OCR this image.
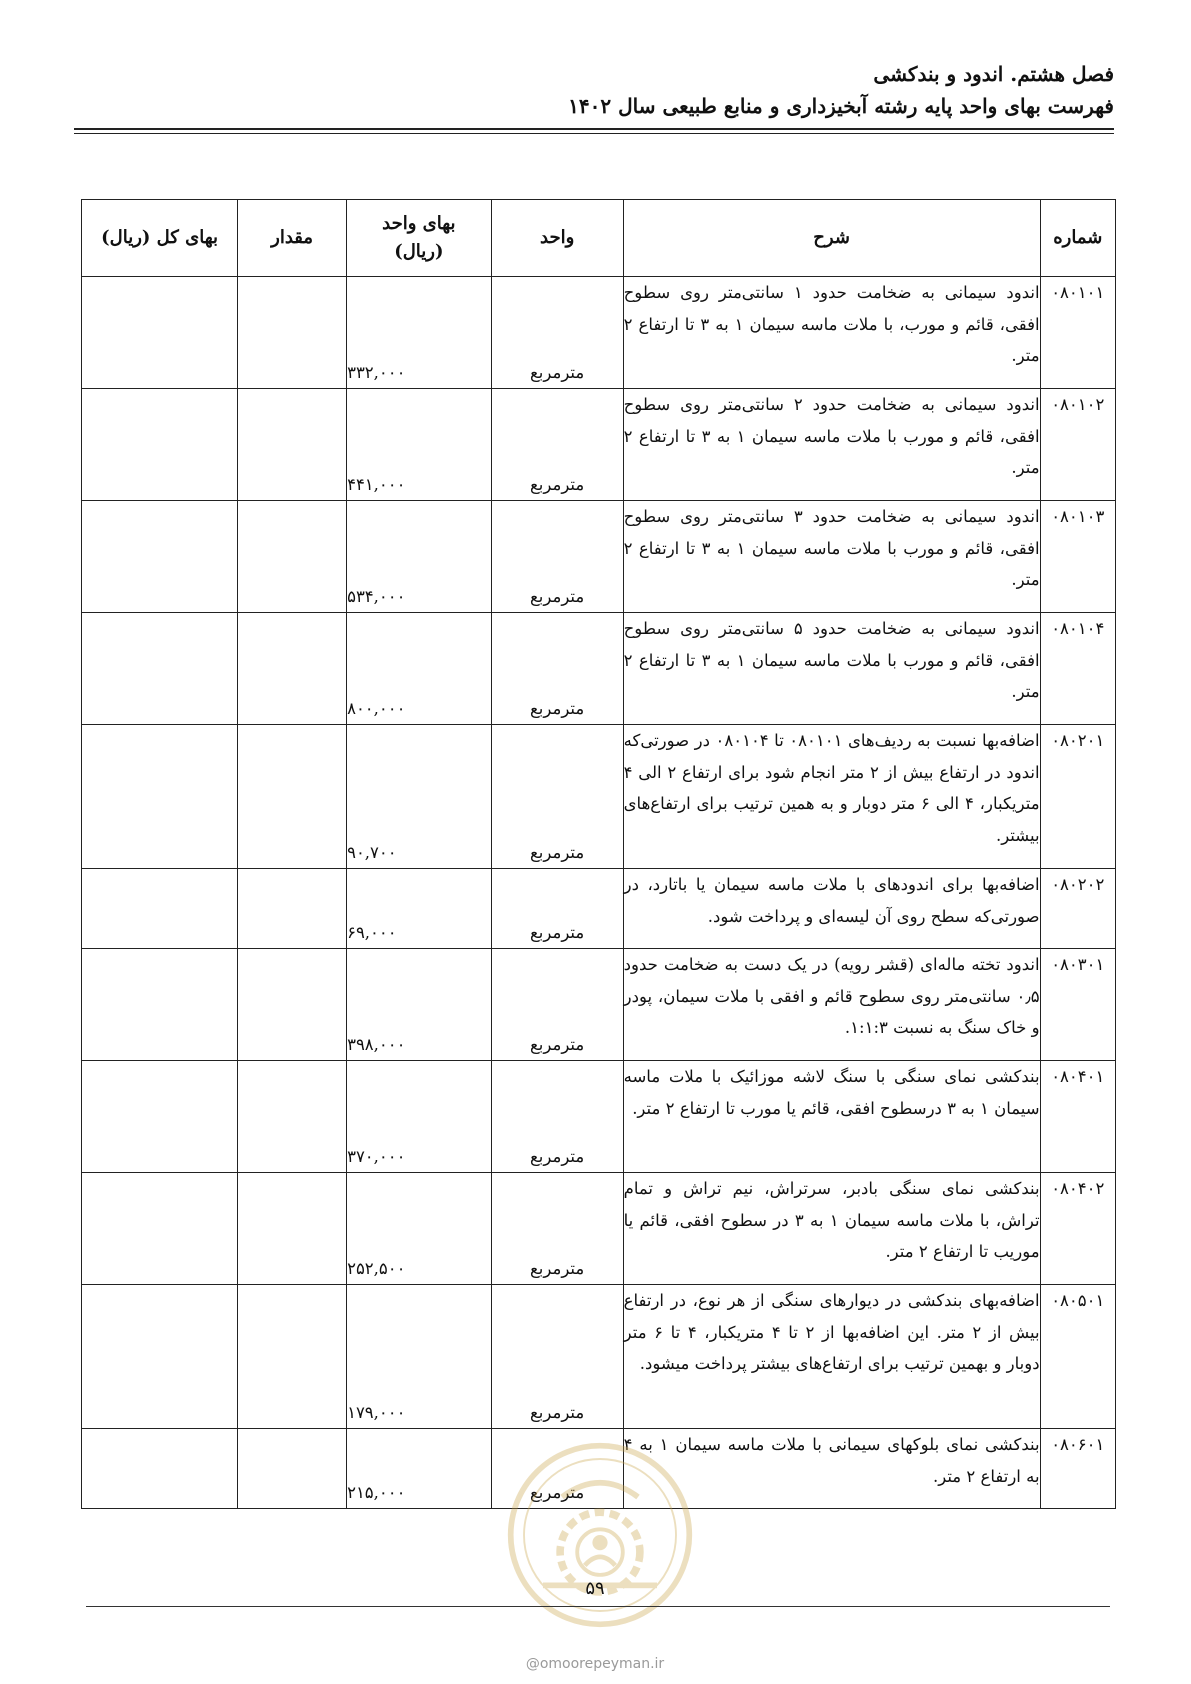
فصل هشتم. اندود و بندکشی
فهرست بهای واحد پایه رشته آبخیزداری و منابع طبیعی سال ۱۴۰۲
شماره	شرح	واحد	بهای واحد
(ریال)	مقدار	بهای کل (ریال)
۰۸۰۱۰۱	اندود سیمانی به ضخامت حدود ۱ سانتی‌متر روی سطوح افقی، قائم و مورب، با ملات ماسه سیمان ۱ به ۳ تا ارتفاع ۲ متر.	مترمربع	۳۳۲,۰۰۰		
۰۸۰۱۰۲	اندود سیمانی به ضخامت حدود ۲ سانتی‌متر روی سطوح افقی، قائم و مورب با ملات ماسه سیمان ۱ به ۳ تا ارتفاع ۲ متر.	مترمربع	۴۴۱,۰۰۰		
۰۸۰۱۰۳	اندود سیمانی به ضخامت حدود ۳ سانتی‌متر روی سطوح افقی، قائم و مورب با ملات ماسه سیمان ۱ به ۳ تا ارتفاع ۲ متر.	مترمربع	۵۳۴,۰۰۰		
۰۸۰۱۰۴	اندود سیمانی به ضخامت حدود ۵ سانتی‌متر روی سطوح افقی، قائم و مورب با ملات ماسه سیمان ۱ به ۳ تا ارتفاع ۲ متر.	مترمربع	۸۰۰,۰۰۰		
۰۸۰۲۰۱	اضافه‌بها نسبت به ردیف‌های ۰۸۰۱۰۱ تا ۰۸۰۱۰۴ در صورتی‌که اندود در ارتفاع بیش از ۲ متر انجام شود برای ارتفاع ۲ الی ۴ متریکبار، ۴ الی ۶ متر دوبار و به همین ترتیب برای ارتفاع‌های بیشتر.	مترمربع	۹۰,۷۰۰		
۰۸۰۲۰۲	اضافه‌بها برای اندودهای با ملات ماسه سیمان یا باتارد، در صورتی‌که سطح روی آن لیسه‌ای و پرداخت شود.	مترمربع	۶۹,۰۰۰		
۰۸۰۳۰۱	اندود تخته ماله‌ای (قشر رویه) در یک دست به ضخامت حدود ۰٫۵ سانتی‌متر روی سطوح قائم و افقی با ملات سیمان، پودر و خاک سنگ به نسبت ۱:۱:۳.	مترمربع	۳۹۸,۰۰۰		
۰۸۰۴۰۱	بندکشی نمای سنگی با سنگ لاشه موزائیک با ملات ماسه سیمان ۱ به ۳ درسطوح افقی، قائم یا مورب تا ارتفاع ۲ متر.	مترمربع	۳۷۰,۰۰۰		
۰۸۰۴۰۲	بندکشی نمای سنگی بادبر، سرتراش، نیم تراش و تمام تراش، با ملات ماسه سیمان ۱ به ۳ در سطوح افقی، قائم یا موریب تا ارتفاع ۲ متر.	مترمربع	۲۵۲,۵۰۰		
۰۸۰۵۰۱	اضافه‌بهای بندکشی در دیوارهای سنگی از هر نوع، در ارتفاع بیش از ۲ متر. این اضافه‌بها از ۲ تا ۴ متریکبار، ۴ تا ۶ متر دوبار و بهمین ترتیب برای ارتفاع‌های بیشتر پرداخت میشود.	مترمربع	۱۷۹,۰۰۰		
۰۸۰۶۰۱	بندکشی نمای بلوکهای سیمانی با ملات ماسه سیمان ۱ به ۴ به ارتفاع ۲ متر.	مترمربع	۲۱۵,۰۰۰		
۵۹
@omoorepeyman.ir
